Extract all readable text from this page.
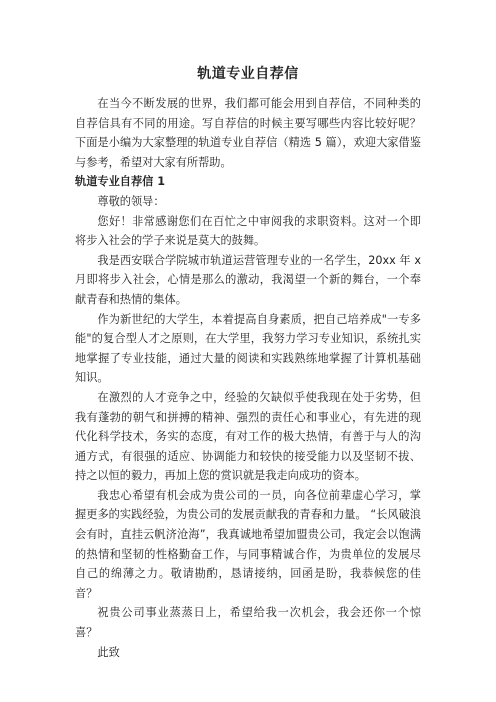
轨道专业自荐信

在当今不断发展的世界，我们都可能会用到自荐信，不同种类的自荐信具有不同的用途。写自荐信的时候主要写哪些内容比较好呢？下面是小编为大家整理的轨道专业自荐信（精选 5 篇），欢迎大家借鉴与参考，希望对大家有所帮助。

轨道专业自荐信 1

尊敬的领导：

您好！非常感谢您们在百忙之中审阅我的求职资料。这对一个即将步入社会的学子来说是莫大的鼓舞。

我是西安联合学院城市轨道运营管理专业的一名学生，20xx 年 x 月即将步入社会，心情是那么的激动，我渴望一个新的舞台，一个奉献青春和热情的集体。

作为新世纪的大学生，本着提高自身素质，把自己培养成"一专多能"的复合型人才之原则，在大学里，我努力学习专业知识，系统扎实地掌握了专业技能，通过大量的阅读和实践熟练地掌握了计算机基础知识。

在激烈的人才竞争之中，经验的欠缺似乎使我现在处于劣势，但我有蓬勃的朝气和拼搏的精神、强烈的责任心和事业心，有先进的现代化科学技术，务实的态度，有对工作的极大热情，有善于与人的沟通方式，有很强的适应、协调能力和较快的接受能力以及坚韧不拔、持之以恒的毅力，再加上您的赏识就是我走向成功的资本。

我忠心希望有机会成为贵公司的一员，向各位前辈虚心学习，掌握更多的实践经验，为贵公司的发展贡献我的青春和力量。 “长风破浪会有时，直挂云帆济沧海”，我真诚地希望加盟贵公司，我定会以饱满的热情和坚韧的性格勤奋工作，与同事精诚合作，为贵单位的发展尽自己的绵薄之力。敬请勘酌，恳请接纳，回函是盼，我恭候您的佳音？

祝贵公司事业蒸蒸日上，希望给我一次机会，我会还你一个惊喜？

此致
